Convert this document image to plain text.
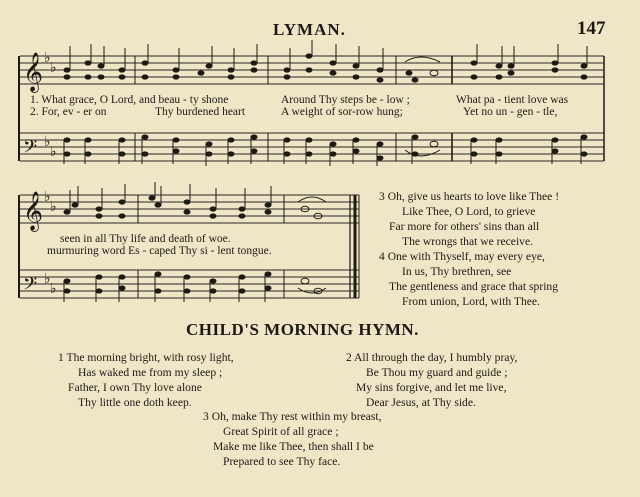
LYMAN.	147
𝄞
𝄢
𝄞
𝄢
♭
♭
♭
♭
♭
♭
♭
♭
1. What grace, O Lord, and beau - ty shone	Around Thy steps be - low ;	What pa - tient love was
2. For, ev - er on	Thy burdened heart	A weight of sor-row hung;	Yet no un - gen - tle,
seen in all Thy life and death of woe.
murmuring word Es - caped Thy si - lent tongue.
3 Oh, give us hearts to love like Thee !
Like Thee, O Lord, to grieve
Far more for others' sins than all
The wrongs that we receive.
4 One with Thyself, may every eye,
In us, Thy brethren, see
The gentleness and grace that spring
From union, Lord, with Thee.
CHILD'S MORNING HYMN.
1 The morning bright, with rosy light,
Has waked me from my sleep ;
Father, I own Thy love alone
Thy little one doth keep.
2 All through the day, I humbly pray,
Be Thou my guard and guide ;
My sins forgive, and let me live,
Dear Jesus, at Thy side.
3 Oh, make Thy rest within my breast,
Great Spirit of all grace ;
Make me like Thee, then shall I be
Prepared to see Thy face.
